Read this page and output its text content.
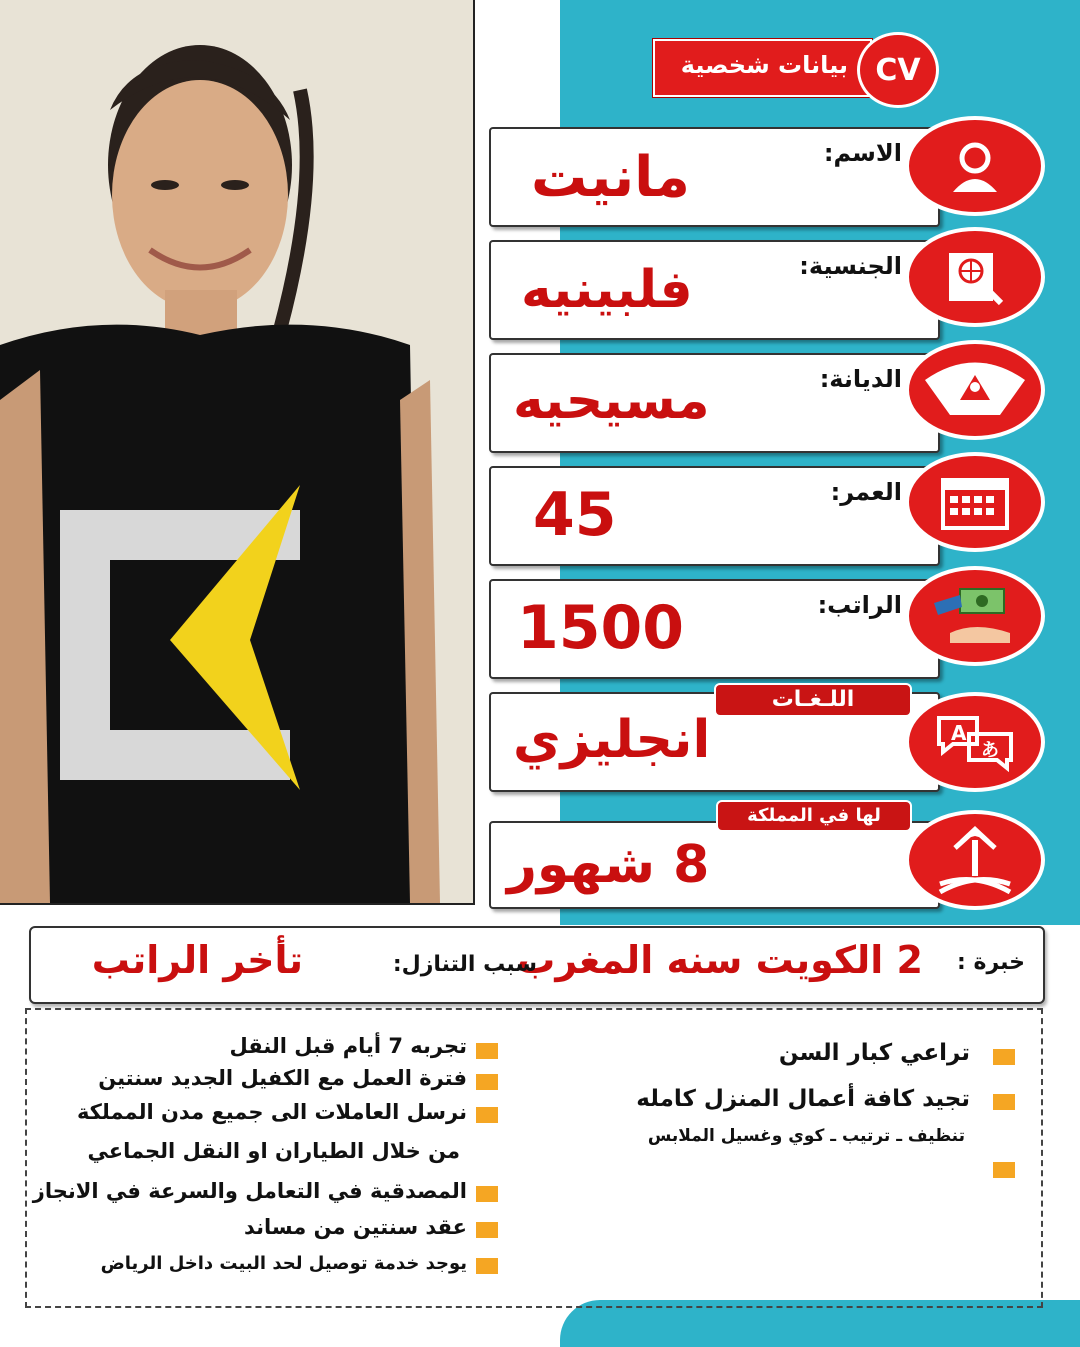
بيانات شخصية CV
الاسم:
مانيت
الجنسية:
فلبينيه
الديانة:
مسيحيه
العمر:
45
الراتب:
1500
انجليزي
اللـغـات
A
あ
8 شهور
لها في المملكة
خبرة :
2 الكويت سنه المغرب
سبب التنازل:
تأخر الراتب
تراعي كبار السن
تجيد كافة أعمال المنزل كامله
تنظيف ـ ترتيب ـ كوي وغسيل الملابس
تجربه 7 أيام قبل النقل
فترة العمل مع الكفيل الجديد سنتين
نرسل العاملات الى جميع مدن المملكة
من خلال الطياران او النقل الجماعي
المصدقية في التعامل والسرعة في الانجاز
عقد سنتين من مساند
يوجد خدمة توصيل لحد البيت داخل الرياض
